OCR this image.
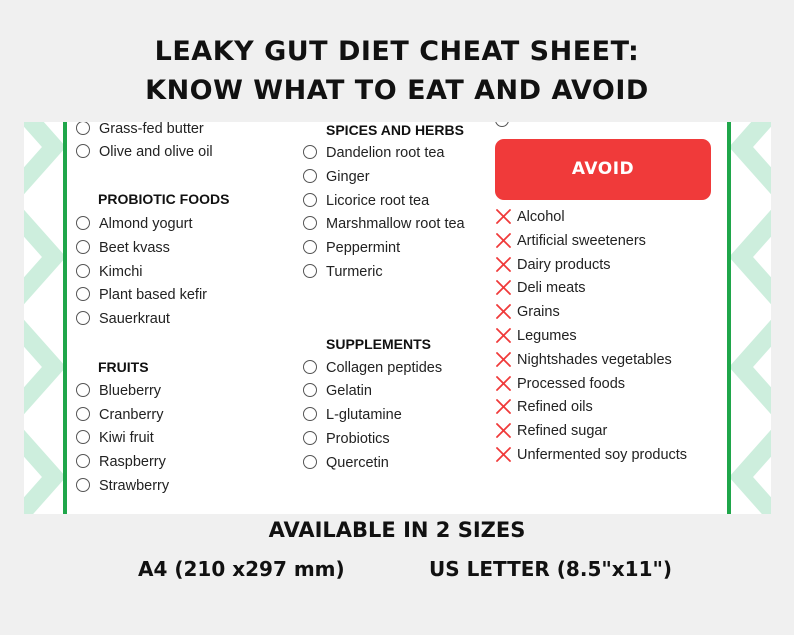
LEAKY GUT DIET CHEAT SHEET:
KNOW WHAT TO EAT AND AVOID
Grass-fed butter
Olive and olive oil
PROBIOTIC FOODS
Almond yogurt
Beet kvass
Kimchi
Plant based kefir
Sauerkraut
FRUITS
Blueberry
Cranberry
Kiwi fruit
Raspberry
Strawberry
SPICES AND HERBS
Dandelion root tea
Ginger
Licorice root tea
Marshmallow root tea
Peppermint
Turmeric
SUPPLEMENTS
Collagen peptides
Gelatin
L-glutamine
Probiotics
Quercetin
AVOID
Alcohol
Artificial sweeteners
Dairy products
Deli meats
Grains
Legumes
Nightshades vegetables
Processed foods
Refined oils
Refined sugar
Unfermented soy products
AVAILABLE IN 2 SIZES
A4 (210 x297 mm)	US LETTER (8.5"x11")
